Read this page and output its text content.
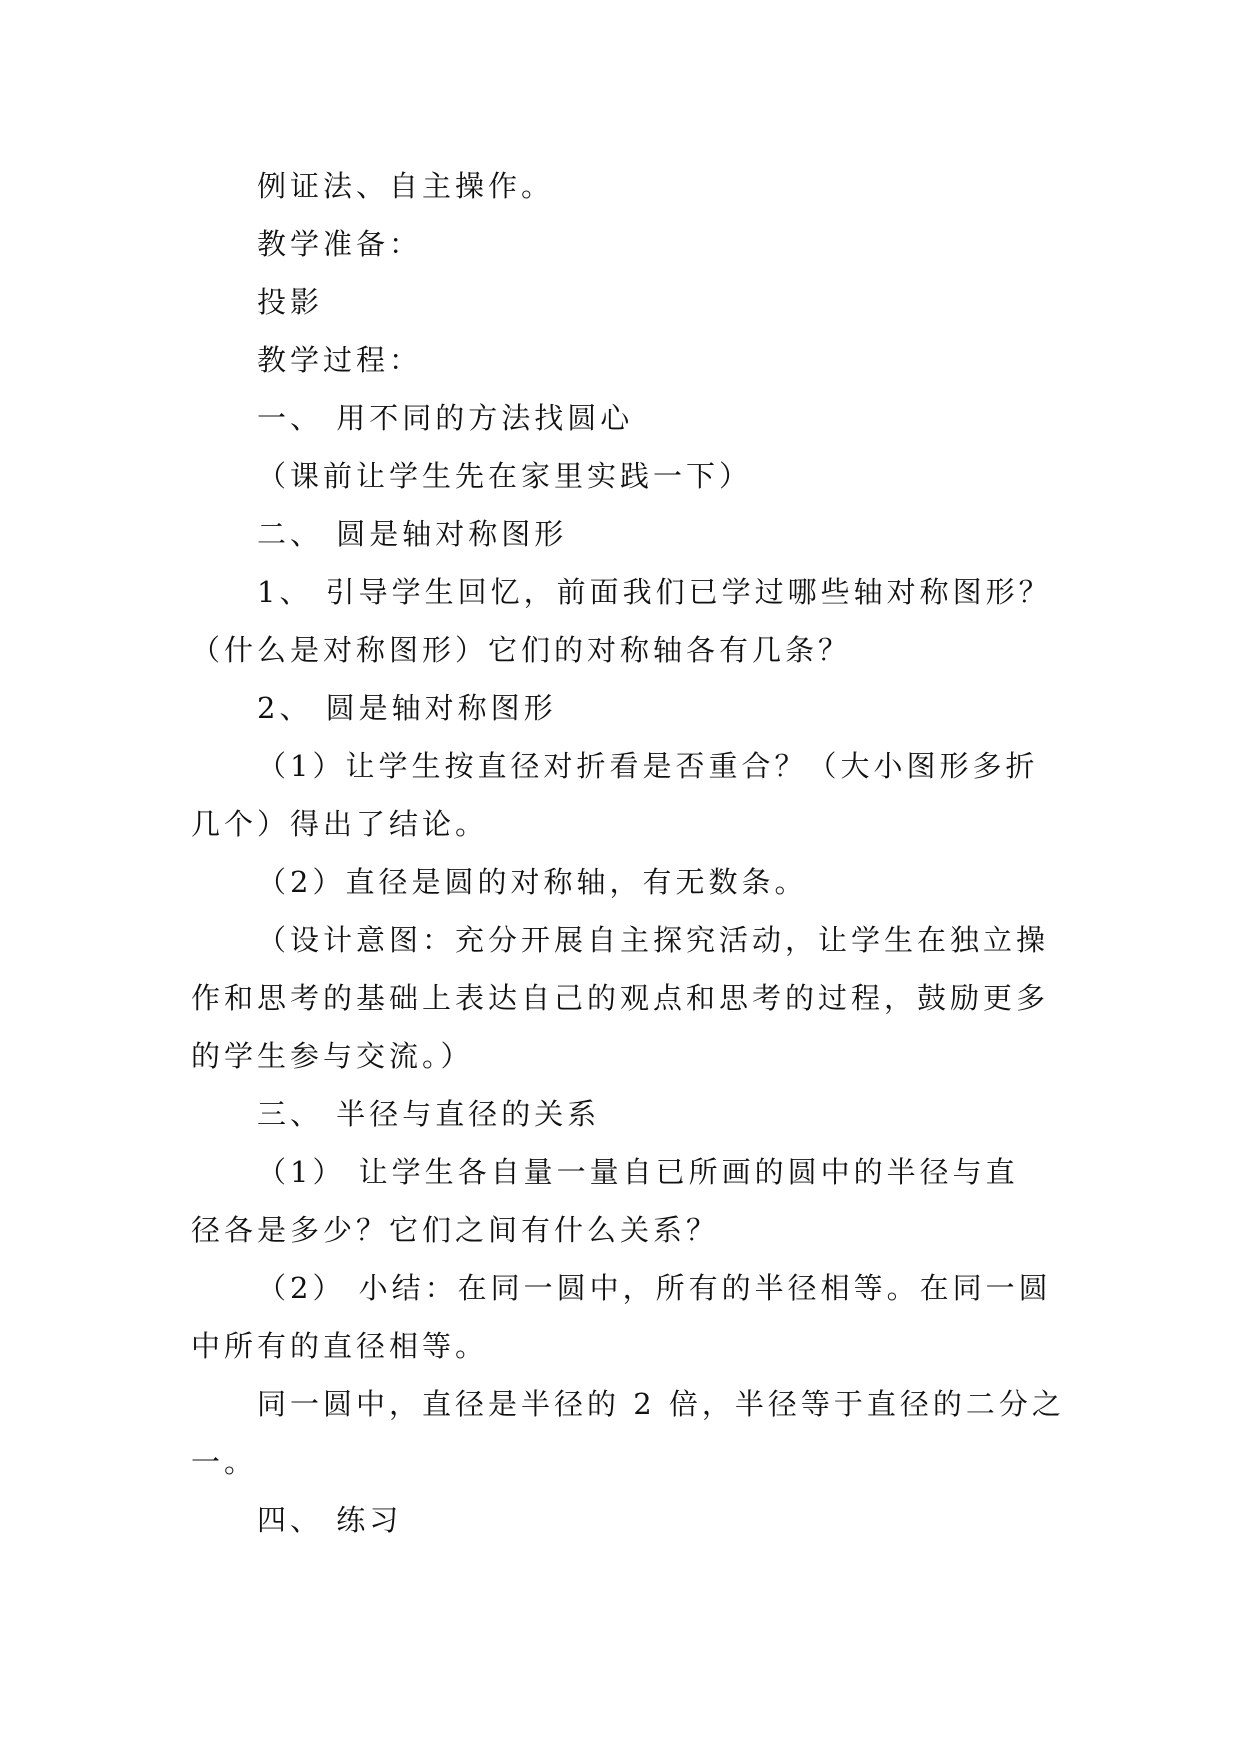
例证法、自主操作。
教学准备：
投影
教学过程：
一、 用不同的方法找圆心
（课前让学生先在家里实践一下）
二、 圆是轴对称图形
1、 引导学生回忆，前面我们已学过哪些轴对称图形？
（什么是对称图形）它们的对称轴各有几条？
2、 圆是轴对称图形
（1）让学生按直径对折看是否重合？（大小图形多折
几个）得出了结论。
（2）直径是圆的对称轴，有无数条。
（设计意图：充分开展自主探究活动，让学生在独立操
作和思考的基础上表达自己的观点和思考的过程，鼓励更多
的学生参与交流。）
三、 半径与直径的关系
（1） 让学生各自量一量自已所画的圆中的半径与直
径各是多少？它们之间有什么关系？
（2） 小结：在同一圆中，所有的半径相等。在同一圆
中所有的直径相等。
同一圆中，直径是半径的 2 倍，半径等于直径的二分之
一。
四、 练习
